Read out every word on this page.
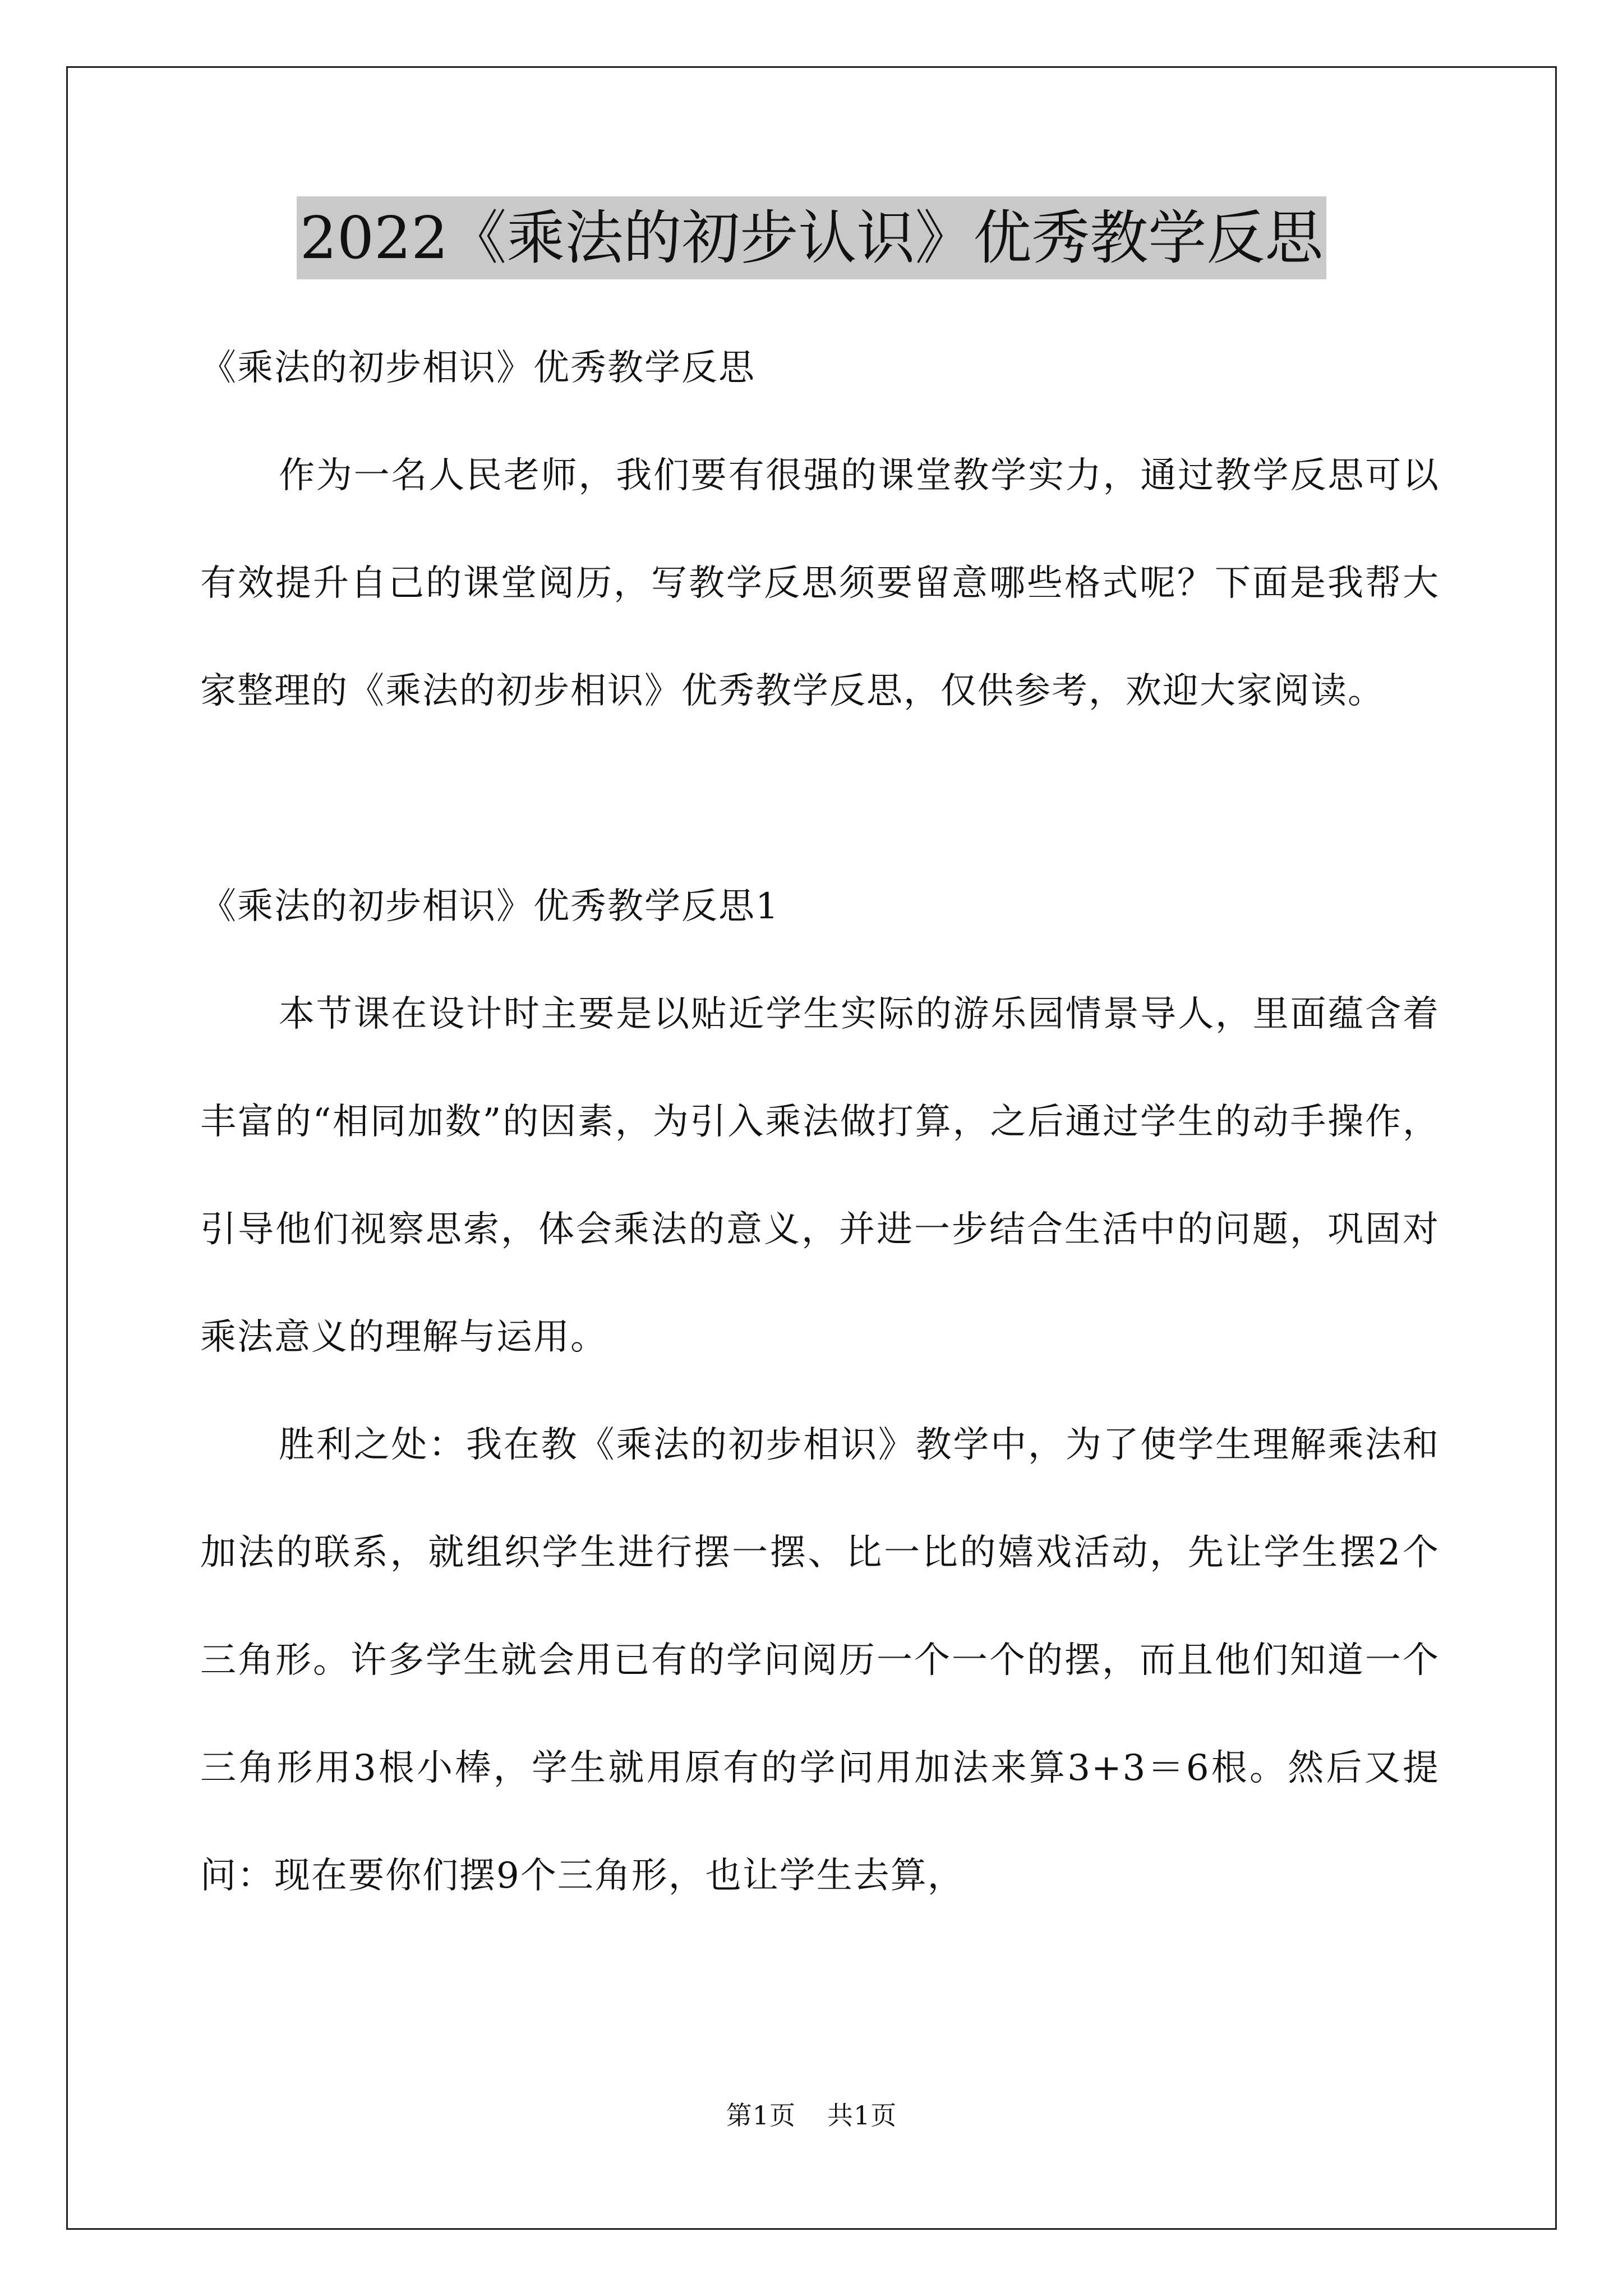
2022《乘法的初步认识》优秀教学反思

《乘法的初步相识》优秀教学反思

作为一名人民老师，我们要有很强的课堂教学实力，通过教学反思可以有效提升自己的课堂阅历，写教学反思须要留意哪些格式呢？下面是我帮大家整理的《乘法的初步相识》优秀教学反思，仅供参考，欢迎大家阅读。

《乘法的初步相识》优秀教学反思1

本节课在设计时主要是以贴近学生实际的游乐园情景导人，里面蕴含着丰富的“相同加数”的因素，为引入乘法做打算，之后通过学生的动手操作，引导他们视察思索，体会乘法的意义，并进一步结合生活中的问题，巩固对乘法意义的理解与运用。

胜利之处：我在教《乘法的初步相识》教学中，为了使学生理解乘法和加法的联系，就组织学生进行摆一摆、比一比的嬉戏活动，先让学生摆2个三角形。许多学生就会用已有的学问阅历一个一个的摆，而且他们知道一个三角形用3根小棒，学生就用原有的学问用加法来算3+3＝6根。然后又提问：现在要你们摆9个三角形，也让学生去算，

第1页 共1页
